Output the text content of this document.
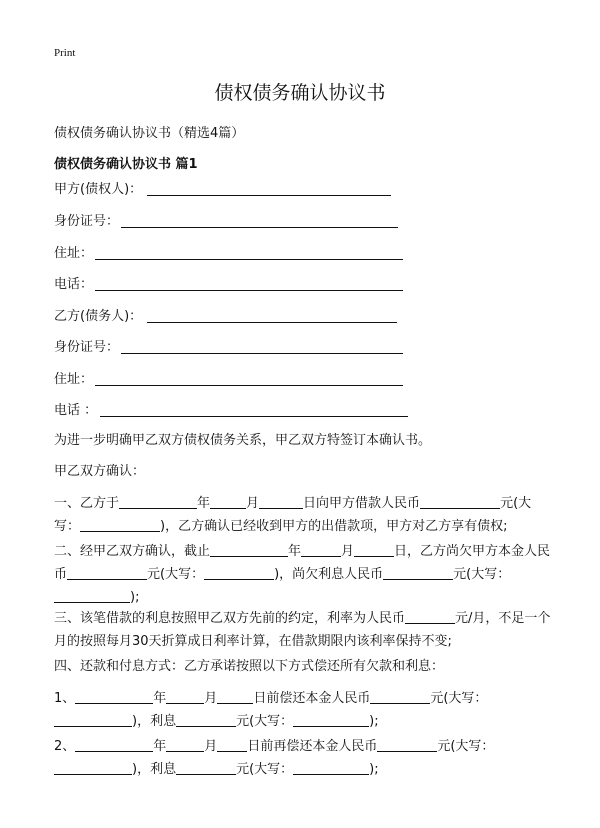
Print
债权债务确认协议书
债权债务确认协议书（精选4篇）
债权债务确认协议书 篇1
甲方(债权人)：
身份证号：
住址：
电话：
乙方(债务人)：
身份证号：
住址：
电话 ：
为进一步明确甲乙双方债权债务关系，甲乙双方特签订本确认书。
甲乙双方确认：
一、乙方于	年	月	日向甲方借款人民币	元(大写：	)，乙方确认已经收到甲方的出借款项，甲方对乙方享有债权;
二、经甲乙双方确认，截止	年	月	日，乙方尚欠甲方本金人民币	元(大写：	)，尚欠利息人民币	元(大写：);
三、该笔借款的利息按照甲乙双方先前的约定，利率为人民币	元/月，不足一个月的按照每月30天折算成日利率计算，在借款期限内该利率保持不变;
四、还款和付息方式：乙方承诺按照以下方式偿还所有欠款和利息：
1、	年	月	日前偿还本金人民币	元(大写：)，利息	元(大写：	);
2、	年	月 日前再偿还本金人民币	元(大写：)，利息	元(大写：	);
